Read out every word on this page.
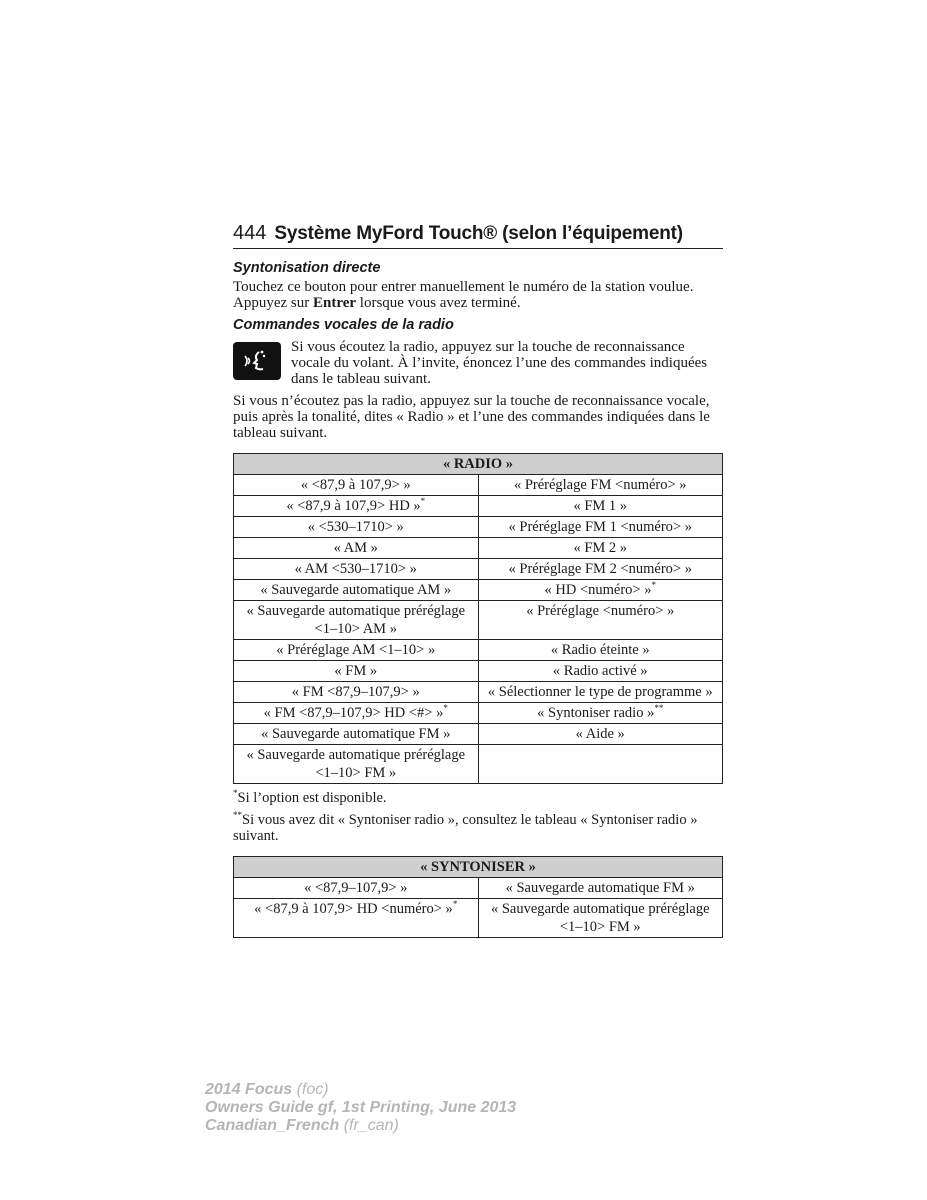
444 Système MyFord Touch® (selon l’équipement)
Syntonisation directe

Touchez ce bouton pour entrer manuellement le numéro de la station voulue. Appuyez sur Entrer lorsque vous avez terminé.

Commandes vocales de la radio

Si vous écoutez la radio, appuyez sur la touche de reconnaissance vocale du volant. À l’invite, énoncez l’une des commandes indiquées dans le tableau suivant.

Si vous n’écoutez pas la radio, appuyez sur la touche de reconnaissance vocale, puis après la tonalité, dites « Radio » et l’une des commandes indiquées dans le tableau suivant.

« RADIO »	
« <87,9 à 107,9> »	« Préréglage FM <numéro> »
« <87,9 à 107,9> HD »*	« FM 1 »
« <530–1710> »	« Préréglage FM 1 <numéro> »
« AM »	« FM 2 »
« AM <530–1710> »	« Préréglage FM 2 <numéro> »
« Sauvegarde automatique AM »	« HD <numéro> »*
« Sauvegarde automatique préréglage <1–10> AM »	« Préréglage <numéro> »
« Préréglage AM <1–10> »	« Radio éteinte »
« FM »	« Radio activé »
« FM <87,9–107,9> »	« Sélectionner le type de programme »
« FM <87,9–107,9> HD <#> »*	« Syntoniser radio »**
« Sauvegarde automatique FM »	« Aide »
« Sauvegarde automatique préréglage <1–10> FM »	

*Si l’option est disponible.

**Si vous avez dit « Syntoniser radio », consultez le tableau « Syntoniser radio » suivant.

« SYNTONISER »	
« <87,9–107,9> »	« Sauvegarde automatique FM »
« <87,9 à 107,9> HD <numéro> »*	« Sauvegarde automatique préréglage <1–10> FM »
2014 Focus (foc)
Owners Guide gf, 1st Printing, June 2013
Canadian_French (fr_can)
